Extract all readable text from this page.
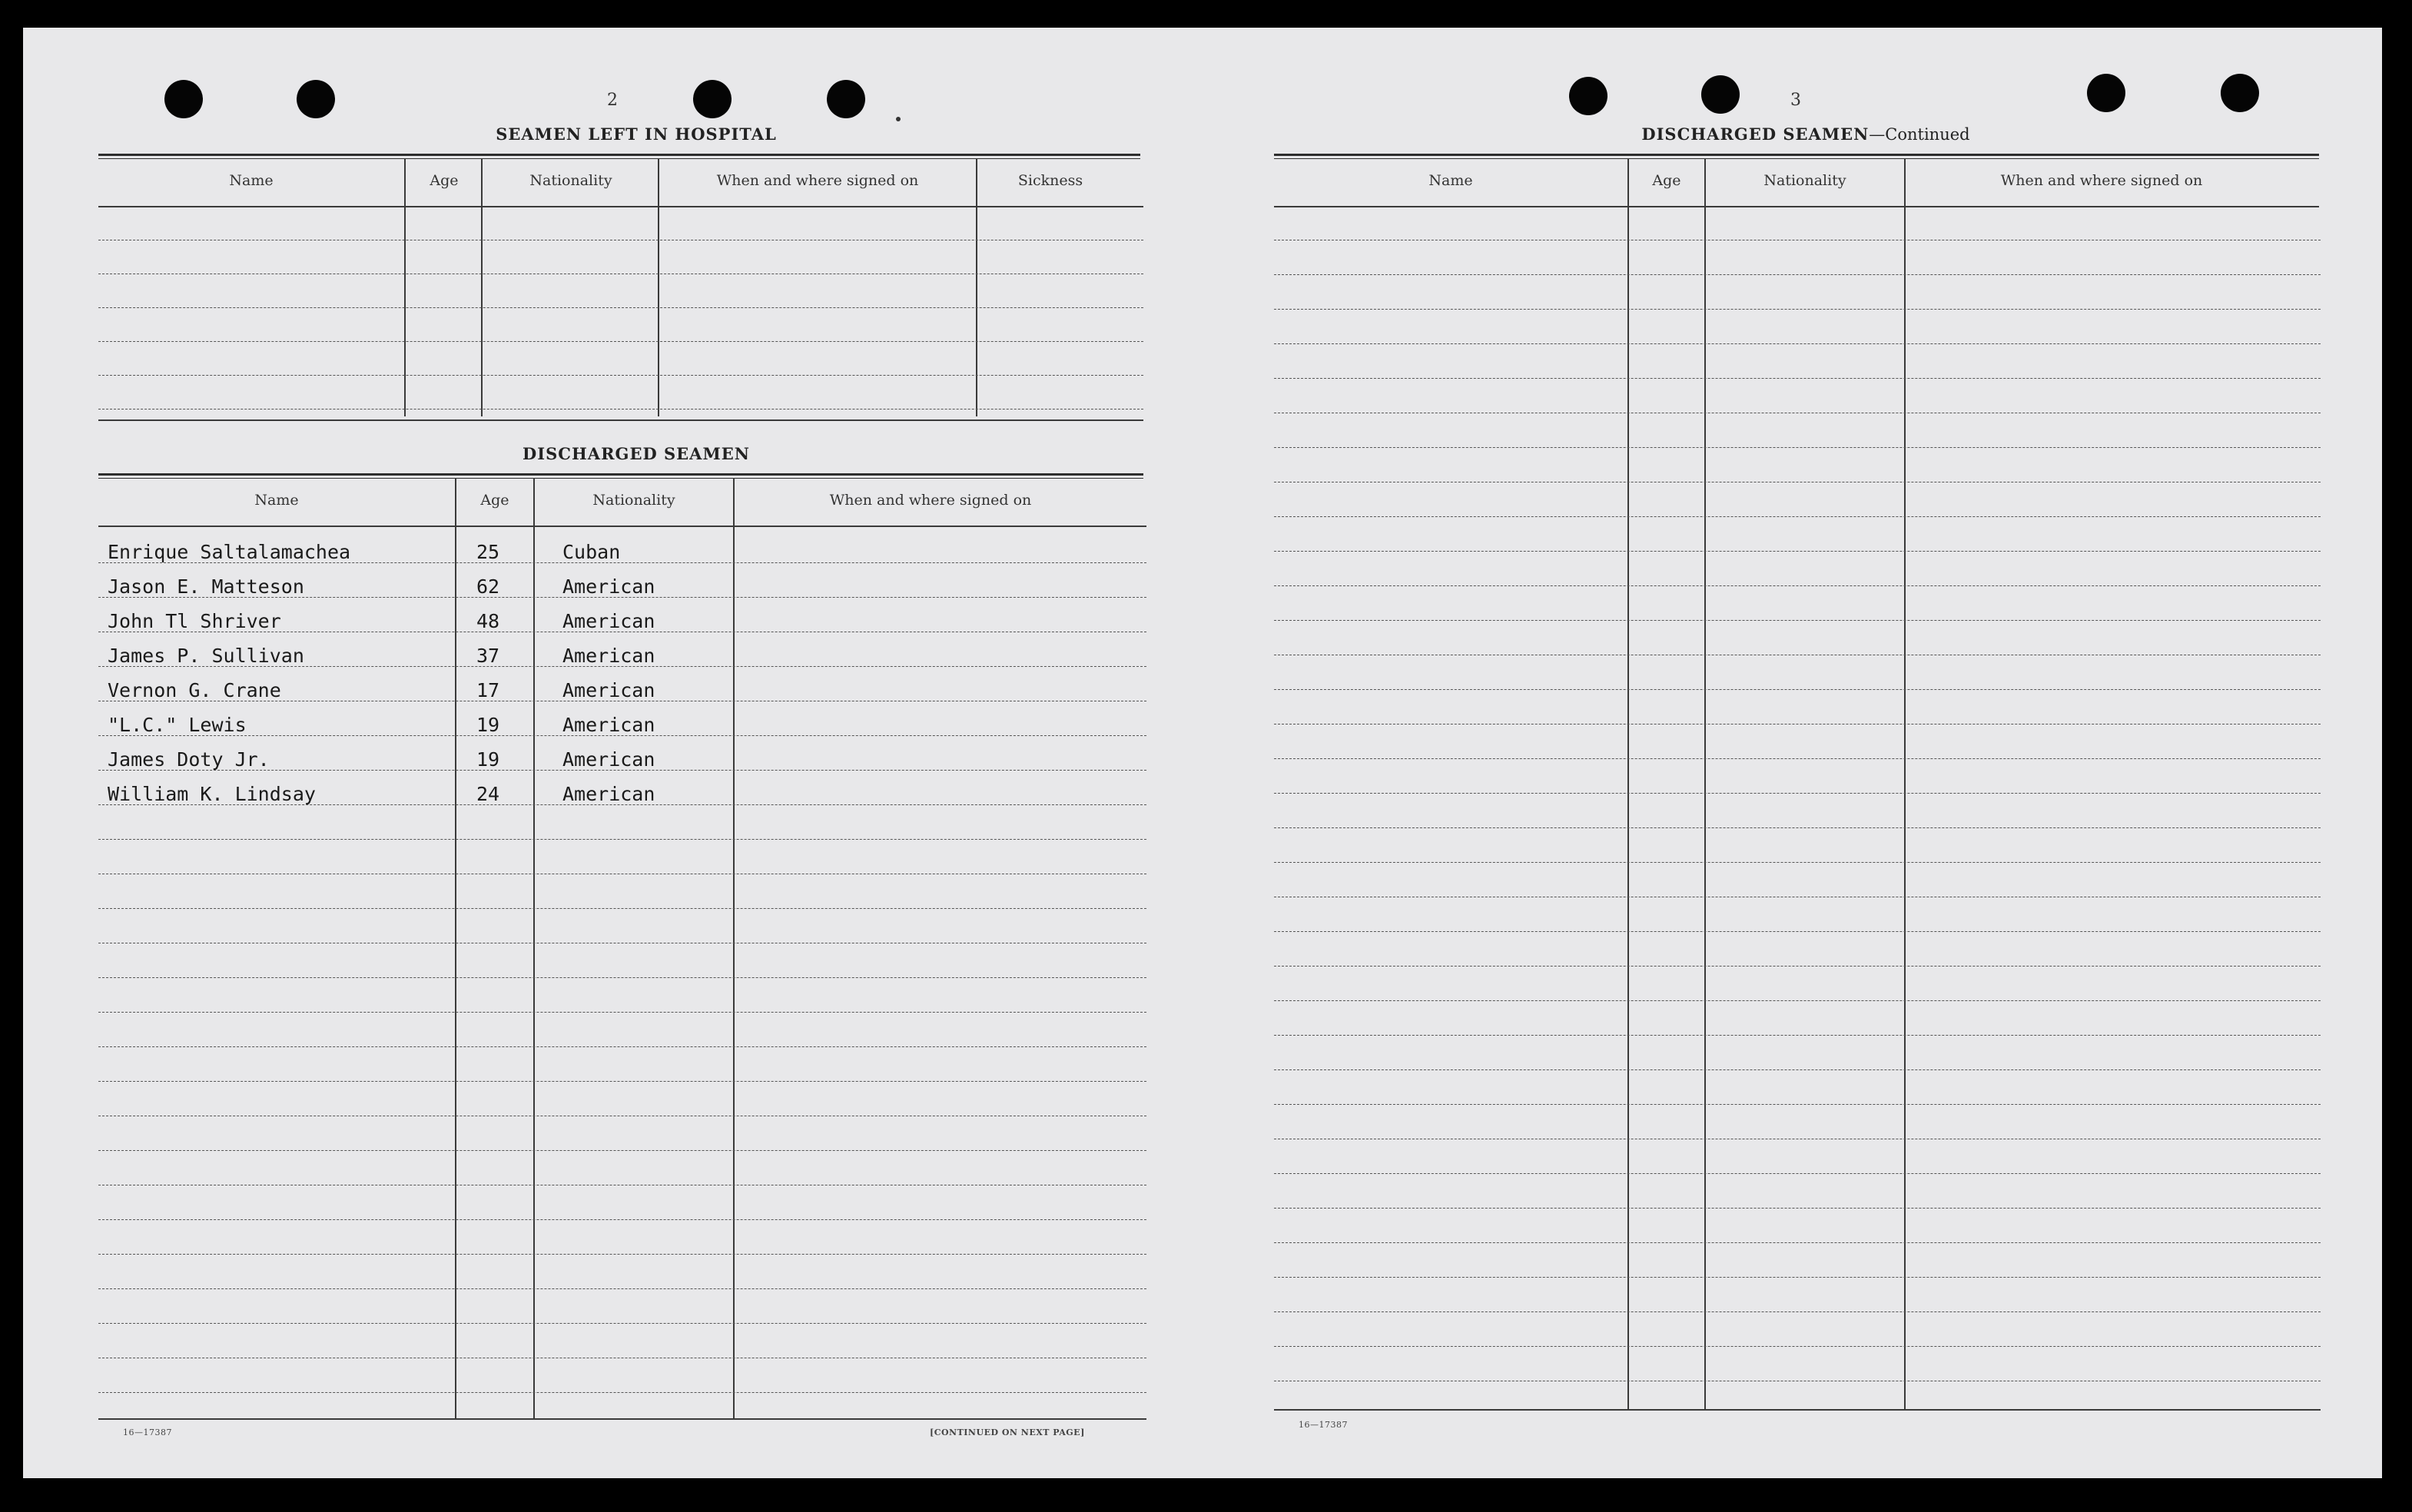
2
SEAMEN LEFT IN HOSPITAL
Name	Age	Nationality	When and where signed on	Sickness
DISCHARGED SEAMEN
Name	Age	Nationality	When and where signed on
Enrique Saltalamachea	25	Cuban
Jason E. Matteson	62	American
John Tl Shriver	48	American
James P. Sullivan	37	American
Vernon G. Crane	17	American
"L.C." Lewis	19	American
James Doty Jr.	19	American
William K. Lindsay	24	American
16—17387	[CONTINUED ON NEXT PAGE]
3
DISCHARGED SEAMEN—Continued
Name	Age	Nationality	When and where signed on
16—17387
